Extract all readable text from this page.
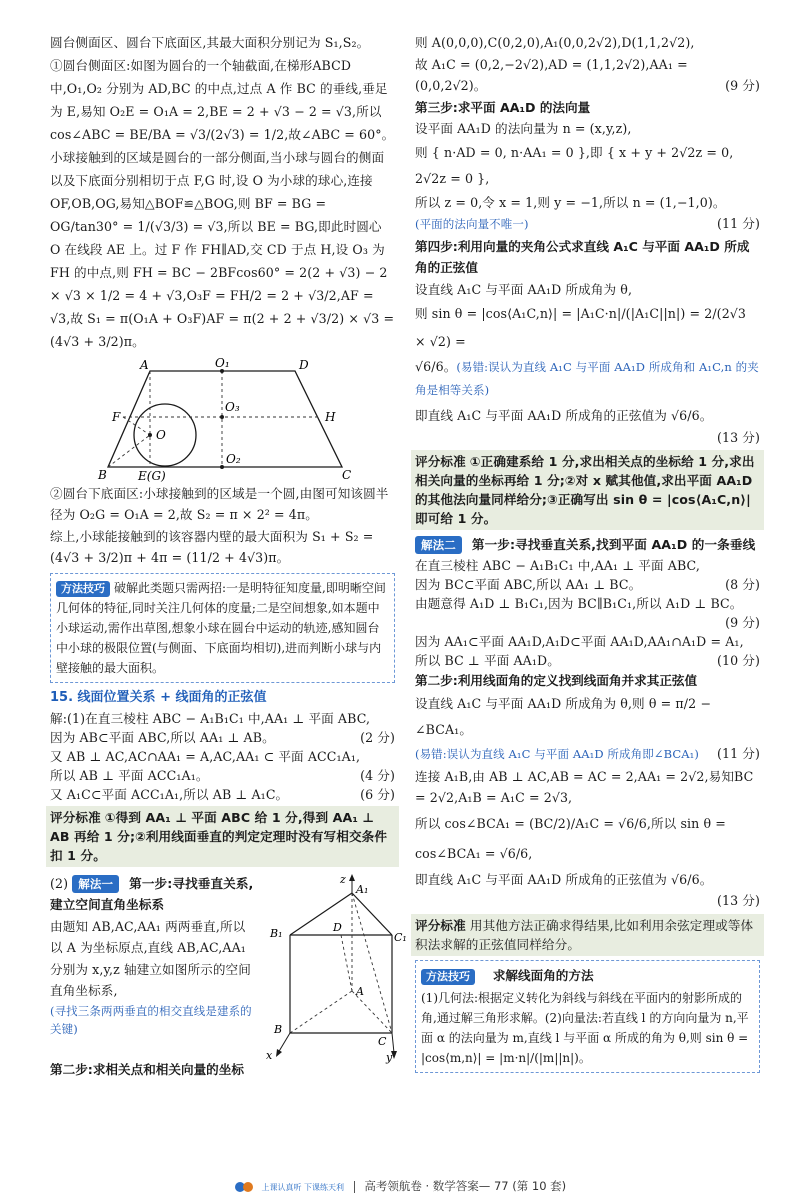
圆台侧面区、圆台下底面区,其最大面积分别记为 S₁,S₂。

①圆台侧面区:如图为圆台的一个轴截面,在梯形ABCD 中,O₁,O₂ 分别为 AD,BC 的中点,过点 A 作 BC 的垂线,垂足为 E,易知 O₂E = O₁A = 2,BE = 2 + √3 − 2 = √3,所以 cos∠ABC = BE/BA = √3/(2√3) = 1/2,故∠ABC = 60°。小球接触到的区域是圆台的一部分侧面,当小球与圆台的侧面以及下底面分别相切于点 F,G 时,设 O 为小球的球心,连接 OF,OB,OG,易知△BOF≌△BOG,则 BF = BG = OG/tan30° = 1/(√3/3) = √3,所以 BE = BG,即此时圆心 O 在线段 AE 上。过 F 作 FH∥AD,交 CD 于点 H,设 O₃ 为 FH 的中点,则 FH = BC − 2BFcos60° = 2(2 + √3) − 2 × √3 × 1/2 = 4 + √3,O₃F = FH/2 = 2 + √3/2,AF = √3,故 S₁ = π(O₁A + O₃F)AF = π(2 + 2 + √3/2) × √3 = (4√3 + 3/2)π。

A	D
O₁
F
O₃
H
O
B	E(G)
O₂
C

②圆台下底面区:小球接触到的区域是一个圆,由图可知该圆半径为 O₂G = O₁A = 2,故 S₂ = π × 2² = 4π。

综上,小球能接触到的该容器内壁的最大面积为 S₁ + S₂ = (4√3 + 3/2)π + 4π = (11/2 + 4√3)π。

方法技巧 破解此类题只需两招:一是明特征知度量,即明晰空间几何体的特征,同时关注几何体的度量;二是空间想象,如本题中小球运动,需作出草图,想象小球在圆台中运动的轨迹,感知圆台中小球的极限位置(与侧面、下底面均相切),进而判断小球与内壁接触的最大面积。
15. 线面位置关系 + 线面角的正弦值

解:(1)在直三棱柱 ABC − A₁B₁C₁ 中,AA₁ ⊥ 平面 ABC,

因为 AB⊂平面 ABC,所以 AA₁ ⊥ AB。	(2 分)

又 AB ⊥ AC,AC∩AA₁ = A,AC,AA₁ ⊂ 平面 ACC₁A₁,

所以 AB ⊥ 平面 ACC₁A₁。	(4 分)

又 A₁C⊂平面 ACC₁A₁,所以 AB ⊥ A₁C。	(6 分)

评分标准 ①得到 AA₁ ⊥ 平面 ABC 给 1 分,得到 AA₁ ⊥ AB 再给 1 分;②利用线面垂直的判定定理时没有写相交条件扣 1 分。

(2) 解法一 第一步:寻找垂直关系,建立空间直角坐标系

由题知 AB,AC,AA₁ 两两垂直,所以以 A 为坐标原点,直线 AB,AC,AA₁ 分别为 x,y,z 轴建立如图所示的空间直角坐标系,

(寻找三条两两垂直的相交直线是建系的关键)

第二步:求相关点和相关向量的坐标

z
A₁
B₁	D
C₁
A
B
x
C
y

则 A(0,0,0),C(0,2,0),A₁(0,0,2√2),D(1,1,2√2),

故 A₁C = (0,2,−2√2),AD = (1,1,2√2),AA₁ = (0,0,2√2)。	(9 分)

第三步:求平面 AA₁D 的法向量

设平面 AA₁D 的法向量为 n = (x,y,z),

则 { n·AD = 0, n·AA₁ = 0 },即 { x + y + 2√2z = 0, 2√2z = 0 },

所以 z = 0,令 x = 1,则 y = −1,所以 n = (1,−1,0)。

(平面的法向量不唯一)	(11 分)

第四步:利用向量的夹角公式求直线 A₁C 与平面 AA₁D 所成角的正弦值

设直线 A₁C 与平面 AA₁D 所成角为 θ,

则 sin θ = |cos⟨A₁C,n⟩| = |A₁C·n|/(|A₁C||n|) = 2/(2√3 × √2) =

√6/6。(易错:误认为直线 A₁C 与平面 AA₁D 所成角和 A₁C,n 的夹角是相等关系)

即直线 A₁C 与平面 AA₁D 所成角的正弦值为 √6/6。

(13 分)

评分标准 ①正确建系给 1 分,求出相关点的坐标给 1 分,求出相关向量的坐标再给 1 分;②对 x 赋其他值,求出平面 AA₁D 的其他法向量同样给分;③正确写出 sin θ = |cos⟨A₁C,n⟩| 即可给 1 分。

解法二 第一步:寻找垂直关系,找到平面 AA₁D 的一条垂线

在直三棱柱 ABC − A₁B₁C₁ 中,AA₁ ⊥ 平面 ABC,

因为 BC⊂平面 ABC,所以 AA₁ ⊥ BC。	(8 分)

由题意得 A₁D ⊥ B₁C₁,因为 BC∥B₁C₁,所以 A₁D ⊥ BC。

(9 分)

因为 AA₁⊂平面 AA₁D,A₁D⊂平面 AA₁D,AA₁∩A₁D = A₁,

所以 BC ⊥ 平面 AA₁D。	(10 分)

第二步:利用线面角的定义找到线面角并求其正弦值

设直线 A₁C 与平面 AA₁D 所成角为 θ,则 θ = π/2 − ∠BCA₁。

(易错:误认为直线 A₁C 与平面 AA₁D 所成角即∠BCA₁) (11 分)

连接 A₁B,由 AB ⊥ AC,AB = AC = 2,AA₁ = 2√2,易知BC = 2√2,A₁B = A₁C = 2√3,

所以 cos∠BCA₁ = (BC/2)/A₁C = √6/6,所以 sin θ = cos∠BCA₁ = √6/6,

即直线 A₁C 与平面 AA₁D 所成角的正弦值为 √6/6。

(13 分)

评分标准 用其他方法正确求得结果,比如利用余弦定理或等体积法求解的正弦值同样给分。
方法技巧 求解线面角的方法
(1)几何法:根据定义转化为斜线与斜线在平面内的射影所成的角,通过解三角形求解。(2)向量法:若直线 l 的方向向量为 n,平面 α 的法向量为 m,直线 l 与平面 α 所成的角为 θ,则 sin θ = |cos⟨m,n⟩| = |m·n|/(|m||n|)。
上课认真听 下课练天利 高考领航卷 · 数学答案— 77 (第 10 套)
